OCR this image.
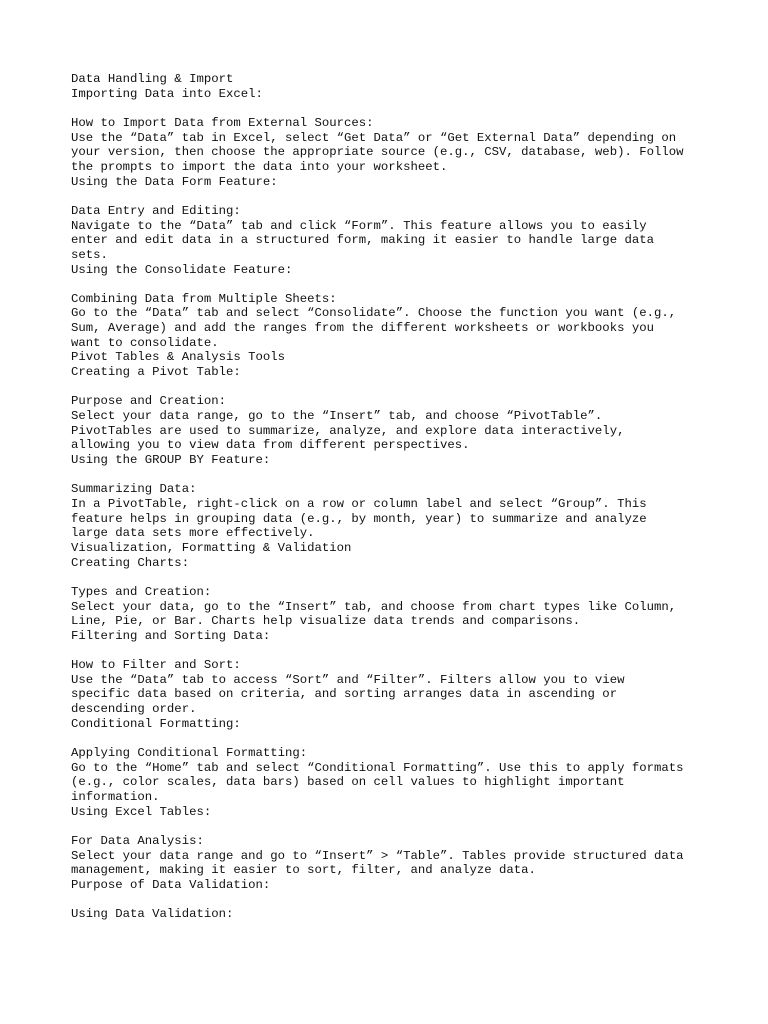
Data Handling & Import
Importing Data into Excel:
How to Import Data from External Sources:
Use the “Data” tab in Excel, select “Get Data” or “Get External Data” depending on
your version, then choose the appropriate source (e.g., CSV, database, web). Follow
the prompts to import the data into your worksheet.
Using the Data Form Feature:
Data Entry and Editing:
Navigate to the “Data” tab and click “Form”. This feature allows you to easily
enter and edit data in a structured form, making it easier to handle large data
sets.
Using the Consolidate Feature:
Combining Data from Multiple Sheets:
Go to the “Data” tab and select “Consolidate”. Choose the function you want (e.g.,
Sum, Average) and add the ranges from the different worksheets or workbooks you
want to consolidate.
Pivot Tables & Analysis Tools
Creating a Pivot Table:
Purpose and Creation:
Select your data range, go to the “Insert” tab, and choose “PivotTable”.
PivotTables are used to summarize, analyze, and explore data interactively,
allowing you to view data from different perspectives.
Using the GROUP BY Feature:
Summarizing Data:
In a PivotTable, right-click on a row or column label and select “Group”. This
feature helps in grouping data (e.g., by month, year) to summarize and analyze
large data sets more effectively.
Visualization, Formatting & Validation
Creating Charts:
Types and Creation:
Select your data, go to the “Insert” tab, and choose from chart types like Column,
Line, Pie, or Bar. Charts help visualize data trends and comparisons.
Filtering and Sorting Data:
How to Filter and Sort:
Use the “Data” tab to access “Sort” and “Filter”. Filters allow you to view
specific data based on criteria, and sorting arranges data in ascending or
descending order.
Conditional Formatting:
Applying Conditional Formatting:
Go to the “Home” tab and select “Conditional Formatting”. Use this to apply formats
(e.g., color scales, data bars) based on cell values to highlight important
information.
Using Excel Tables:
For Data Analysis:
Select your data range and go to “Insert” > “Table”. Tables provide structured data
management, making it easier to sort, filter, and analyze data.
Purpose of Data Validation:
Using Data Validation:
